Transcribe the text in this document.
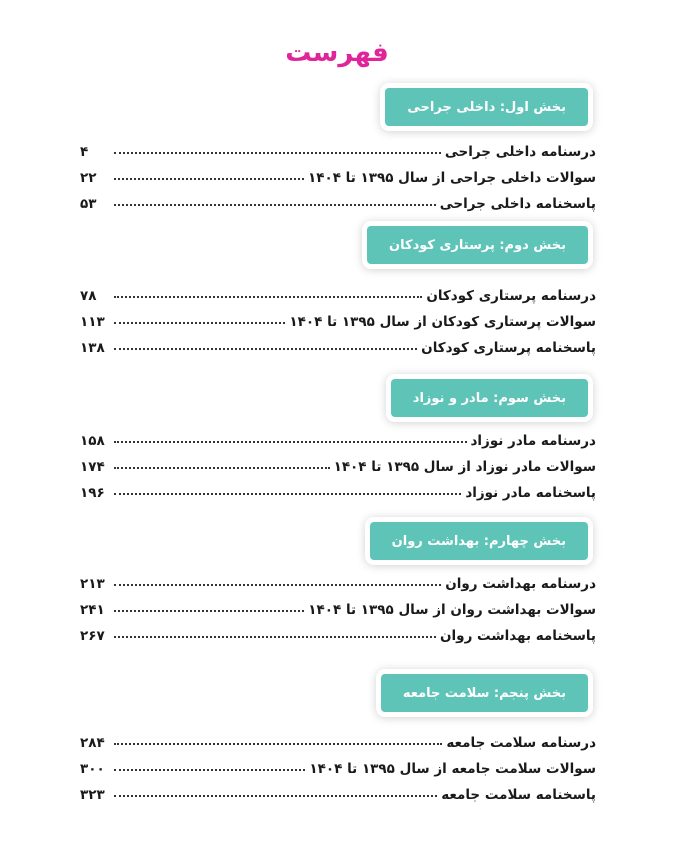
فهرست
بخش اول: داخلی جراحی
درسنامه داخلی جراحی
۴
سوالات داخلی جراحی از سال ۱۳۹۵ تا ۱۴۰۴
۲۲
پاسخنامه داخلی جراحی
۵۳
بخش دوم: پرستاری کودکان
درسنامه پرستاری کودکان
۷۸
سوالات پرستاری کودکان از سال ۱۳۹۵ تا ۱۴۰۴
۱۱۳
پاسخنامه پرستاری کودکان
۱۳۸
بخش سوم: مادر و نوزاد
درسنامه مادر نوزاد
۱۵۸
سوالات مادر نوزاد از سال ۱۳۹۵ تا ۱۴۰۴
۱۷۴
پاسخنامه مادر نوزاد
۱۹۶
بخش چهارم: بهداشت روان
درسنامه بهداشت روان
۲۱۳
سوالات بهداشت روان از سال ۱۳۹۵ تا ۱۴۰۴
۲۴۱
پاسخنامه بهداشت روان
۲۶۷
بخش پنجم: سلامت جامعه
درسنامه سلامت جامعه
۲۸۴
سوالات سلامت جامعه از سال ۱۳۹۵ تا ۱۴۰۴
۳۰۰
پاسخنامه سلامت جامعه
۳۲۳
